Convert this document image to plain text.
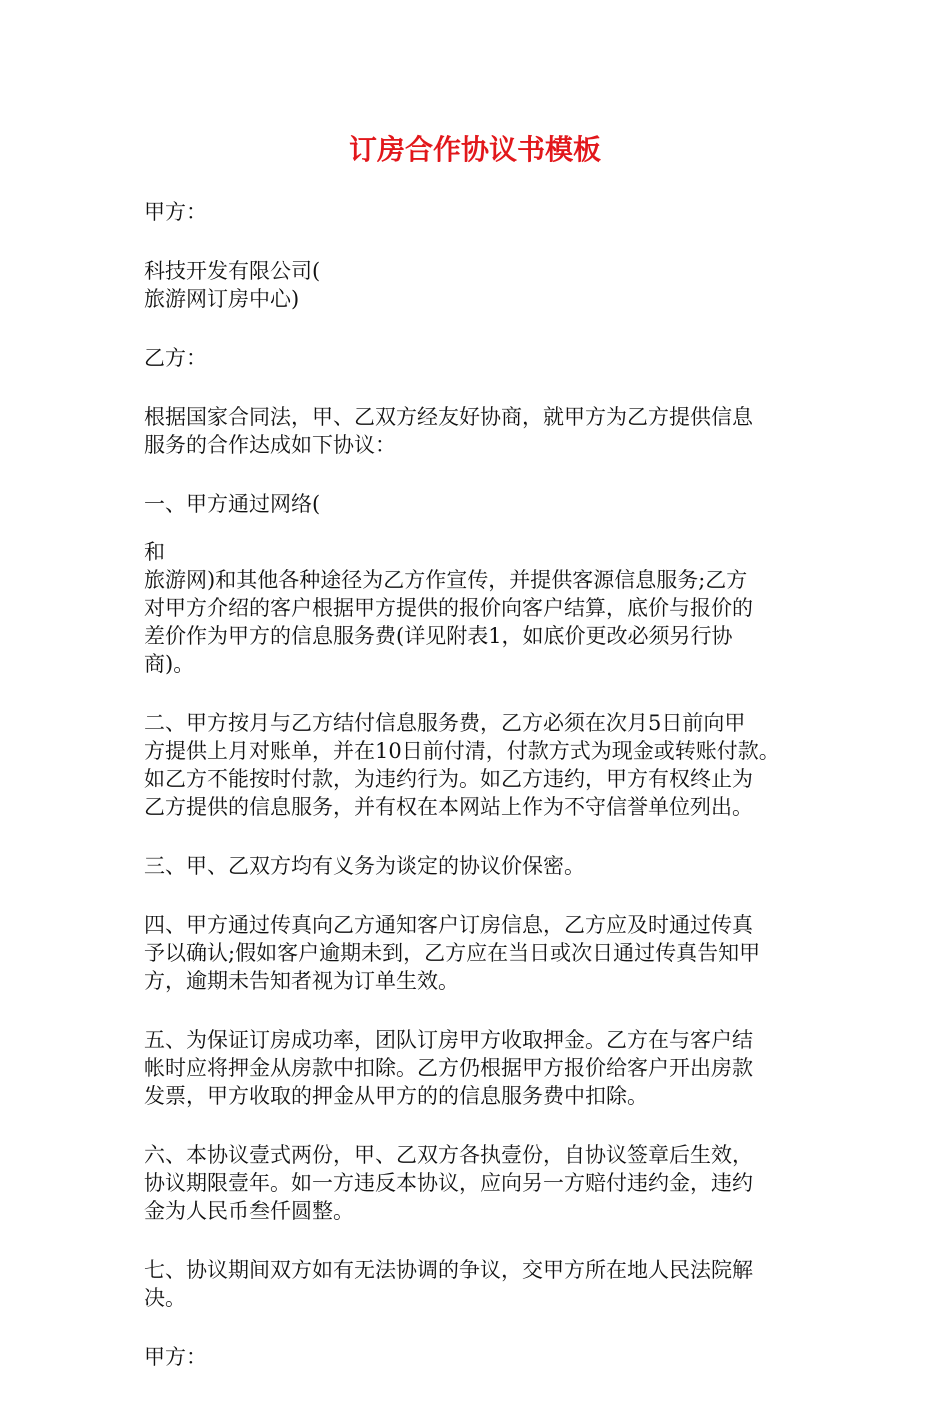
订房合作协议书模板

甲方：

科技开发有限公司(
旅游网订房中心)

乙方：

根据国家合同法，甲、乙双方经友好协商，就甲方为乙方提供信息
服务的合作达成如下协议：

一、甲方通过网络(

和
旅游网)和其他各种途径为乙方作宣传，并提供客源信息服务;乙方
对甲方介绍的客户根据甲方提供的报价向客户结算，底价与报价的
差价作为甲方的信息服务费(详见附表1，如底价更改必须另行协
商)。

二、甲方按月与乙方结付信息服务费，乙方必须在次月5日前向甲
方提供上月对账单，并在10日前付清，付款方式为现金或转账付款。
如乙方不能按时付款，为违约行为。如乙方违约，甲方有权终止为
乙方提供的信息服务，并有权在本网站上作为不守信誉单位列出。

三、甲、乙双方均有义务为谈定的协议价保密。

四、甲方通过传真向乙方通知客户订房信息，乙方应及时通过传真
予以确认;假如客户逾期未到，乙方应在当日或次日通过传真告知甲
方，逾期未告知者视为订单生效。

五、为保证订房成功率，团队订房甲方收取押金。乙方在与客户结
帐时应将押金从房款中扣除。乙方仍根据甲方报价给客户开出房款
发票，甲方收取的押金从甲方的的信息服务费中扣除。

六、本协议壹式两份，甲、乙双方各执壹份，自协议签章后生效，
协议期限壹年。如一方违反本协议，应向另一方赔付违约金，违约
金为人民币叁仟圆整。

七、协议期间双方如有无法协调的争议，交甲方所在地人民法院解
决。

甲方：
